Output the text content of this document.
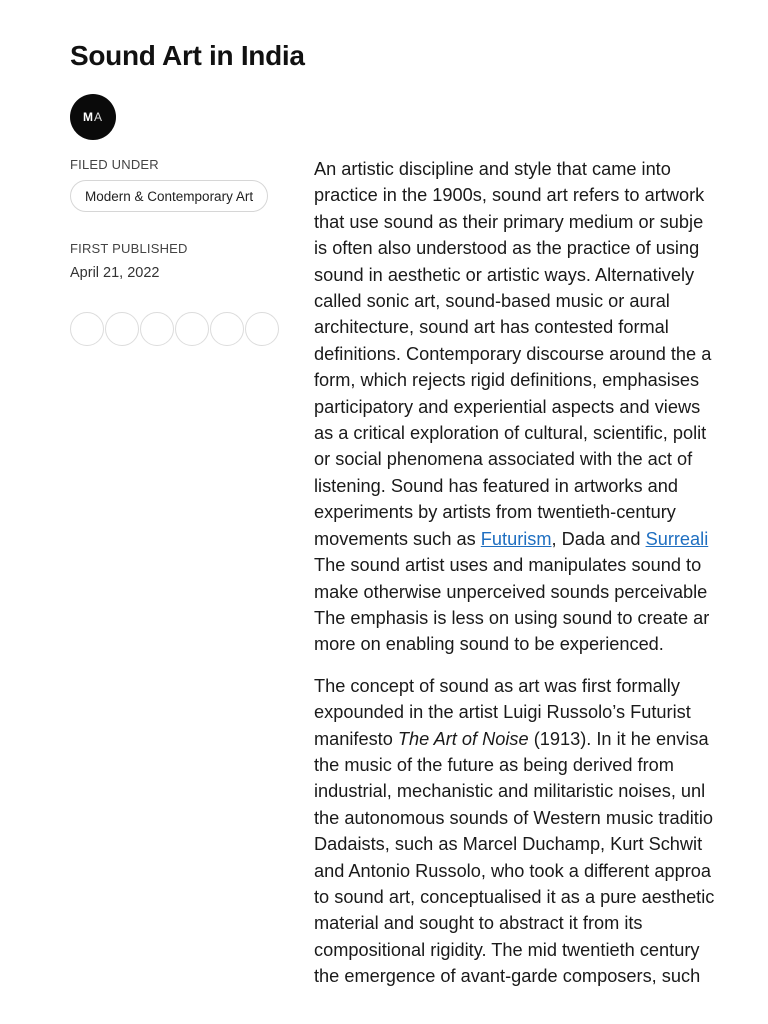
Sound Art in India
M A
FILED UNDER
Modern & Contemporary Art
FIRST PUBLISHED
April 21, 2022

An artistic discipline and style that came into
practice in the 1900s, sound art refers to artwork
that use sound as their primary medium or subje
is often also understood as the practice of using
sound in aesthetic or artistic ways. Alternatively
called sonic art, sound-based music or aural
architecture, sound art has contested formal
definitions. Contemporary discourse around the a
form, which rejects rigid definitions, emphasises
participatory and experiential aspects and views
as a critical exploration of cultural, scientific, polit
or social phenomena associated with the act of
listening. Sound has featured in artworks and
experiments by artists from twentieth-century
movements such as Futurism, Dada and Surreali
The sound artist uses and manipulates sound to
make otherwise unperceived sounds perceivable
The emphasis is less on using sound to create ar
more on enabling sound to be experienced.

The concept of sound as art was first formally
expounded in the artist Luigi Russolo’s Futurist
manifesto The Art of Noise (1913). In it he envisa
the music of the future as being derived from
industrial, mechanistic and militaristic noises, unl
the autonomous sounds of Western music traditio
Dadaists, such as Marcel Duchamp, Kurt Schwit
and Antonio Russolo, who took a different approa
to sound art, conceptualised it as a pure aesthetic
material and sought to abstract it from its
compositional rigidity. The mid twentieth century
the emergence of avant-garde composers, such
